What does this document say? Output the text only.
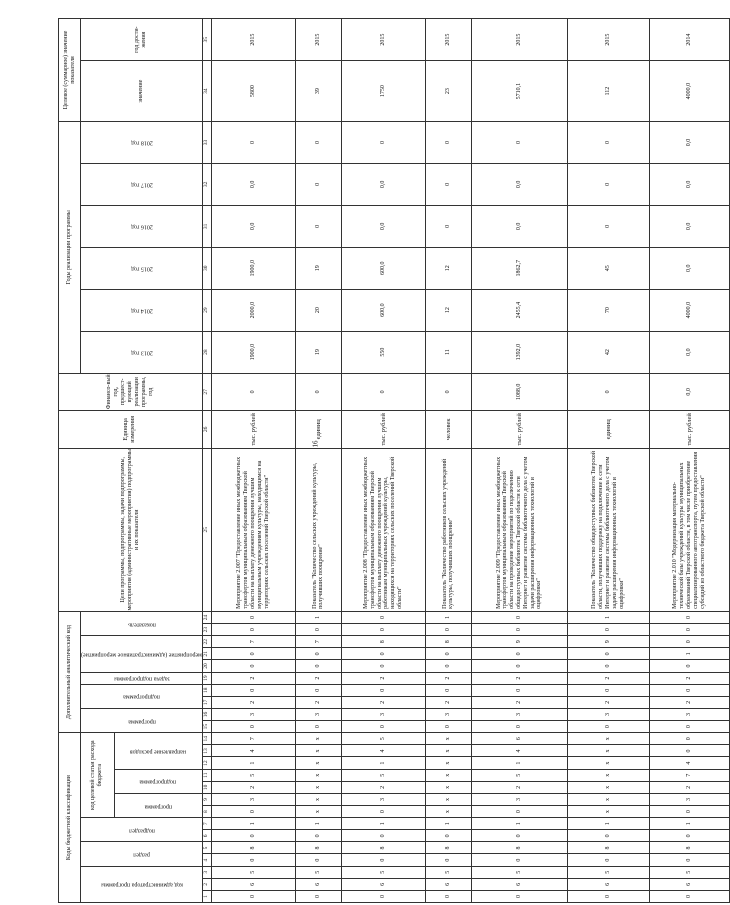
16
Коды бюджетной классификации														Дополнительный аналитический код										Цели программы, подпрограммы, задачи подпрограммы, мероприятия (административные мероприятия) подпрограммы и их показатели	Единица измерения	Финансо-вый год, предшест-вующий реализации программы, год	Годы реализации программы						Целевое (суммарное) значение показателя	
код администратора программы			раздел		подраздел		код целевой статьи расхода бюджета							программа		подпрограмма		задача подпрограммы	мероприятие (административное мероприятие)			показатель					2013 год	2014 год	2015 год	2016 год	2017 год	2018 год	значение	год дости-жения
							программа		подпрограмма		направление расходов																							
1	2	3	4	5	6	7	8	9	10	11	12	13	14	15	16	17	18	19	20	21	22	23	24	25	26	27	28	29	30	31	32	33	34	35
0	6	5	0	8	0	1	0	3	2	5	1	4	7	0	3	2	0	2	0	0	7	0	0	Мероприятие 2.007 "Предоставление иных межбюджетных трансфертов муниципальным образованиям Тверской области на выплату денежного поощрения лучшим муниципальным учреждениям культуры, находящимся на территориях сельских поселений Тверской области"	тыс. рублей	0	1900,0	2000,0	1900,0	0,0	0,0	0	5800	2015
0	6	5	0	8	0	1	x	x	x	x	x	x	x	0	3	2	0	2	0	0	7	0	1	Показатель "Количество сельских учреждений культуры, получивших поощрение"	единиц	0	19	20	19	0	0	0	39	2015
0	6	5	0	8	0	1	0	3	2	5	1	4	5	0	3	2	0	2	0	0	8	0	0	Мероприятие 2.008 "Предоставление иных межбюджетных трансфертов муниципальным образованиям Тверской области на выплату денежного поощрения лучшим работникам муниципальных учреждений культуры, находящихся на территориях сельских поселений Тверской области"	тыс. рублей	0	550	600,0	600,0	0,0	0,0	0	1750	2015
0	6	5	0	8	0	1	x	x	x	x	x	x	x	0	3	2	0	2	0	0	8	0	1	Показатель "Количество работников сельских учреждений культуры, получивших поощрение"	человек	0	11	12	12	0	0	0	23	2015
0	6	5	0	8	0	1	0	3	2	5	1	4	6	0	3	2	0	2	0	0	9	0	0	Мероприятие 2.009 "Предоставление иных межбюджетных трансфертов муниципальным образованиям Тверской области на проведение мероприятий по подключению общедоступных библиотек Тверской области к сети Интернет и развитие системы библиотечного дела с учетом задачи расширения информационных технологий и оцифровки"	тыс. рублей	1088,0	1392,0	2455,4	1862,7	0,0	0,0	0	5710,1	2015
0	6	5	0	8	0	1	x	x	x	x	x	x	x	0	3	2	0	2	0	0	9	0	1	Показатель "Количество общедоступных библиотек Тверской области, получивших поддержку на подключение к сети Интернет и развитие системы библиотечного дела с учетом задачи расширения информационных технологий и оцифровки"	единиц	0	42	70	45	0	0	0	112	2015
0	6	5	0	8	0	1	0	3	2	7	4	0	0	0	3	2	0	2	0	1	0	0	0	Мероприятие 2.010 "Модернизация материально-технической базы учреждений культуры муниципальных образований Тверской области, в том числе приобретение специализированного автотранспорта, путем предоставления субсидий из областного бюджета Тверской области"	тыс. рублей	0,0	0,0	4000,0	0,0	0,0	0,0	0,0	4000,0	2014
